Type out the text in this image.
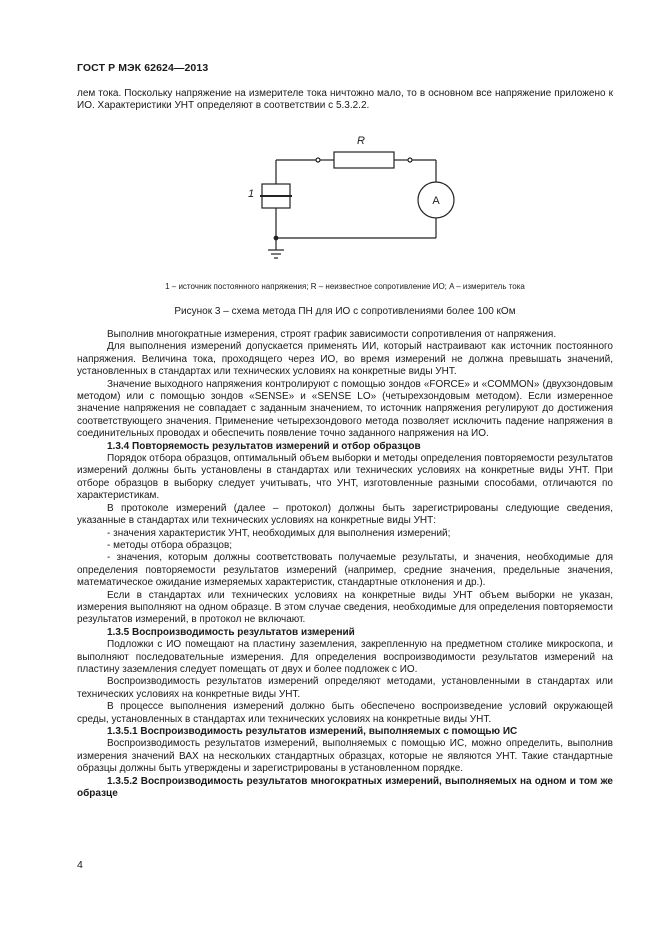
ГОСТ Р МЭК 62624—2013

лем тока. Поскольку напряжение на измерителе тока ничтожно мало, то в основном все напряжение приложено к ИО. Характеристики УНТ определяют в соответствии с 5.3.2.2.

R
1
A
1 – источник постоянного напряжения; R – неизвестное сопротивление ИО; A – измеритель тока
Рисунок 3 – схема метода ПН для ИО с сопротивлениями более 100 кОм

Выполнив многократные измерения, строят график зависимости сопротивления от напряжения.

Для выполнения измерений допускается применять ИИ, который настраивают как источник постоянного напряжения. Величина тока, проходящего через ИО, во время измерений не должна превышать значений, установленных в стандартах или технических условиях на конкретные виды УНТ.

Значение выходного напряжения контролируют с помощью зондов «FORCE» и «COMMON» (двухзондовым методом) или с помощью зондов «SENSE» и «SENSE LO» (четырехзондовым методом). Если измеренное значение напряжения не совпадает с заданным значением, то источник напряжения регулируют до достижения соответствующего значения. Применение четырехзондового метода позволяет исключить падение напряжения в соединительных проводах и обеспечить появление точно заданного напряжения на ИО.

1.3.4 Повторяемость результатов измерений и отбор образцов

Порядок отбора образцов, оптимальный объем выборки и методы определения повторяемости результатов измерений должны быть установлены в стандартах или технических условиях на конкретные виды УНТ. При отборе образцов в выборку следует учитывать, что УНТ, изготовленные разными способами, отличаются по характеристикам.

В протоколе измерений (далее – протокол) должны быть зарегистрированы следующие сведения, указанные в стандартах или технических условиях на конкретные виды УНТ:

- значения характеристик УНТ, необходимых для выполнения измерений;

- методы отбора образцов;

- значения, которым должны соответствовать получаемые результаты, и значения, необходимые для определения повторяемости результатов измерений (например, средние значения, предельные значения, математическое ожидание измеряемых характеристик, стандартные отклонения и др.).

Если в стандартах или технических условиях на конкретные виды УНТ объем выборки не указан, измерения выполняют на одном образце. В этом случае сведения, необходимые для определения повторяемости результатов измерений, в протокол не включают.

1.3.5 Воспроизводимость результатов измерений

Подложки с ИО помещают на пластину заземления, закрепленную на предметном столике микроскопа, и выполняют последовательные измерения. Для определения воспроизводимости результатов измерений на пластину заземления следует помещать от двух и более подложек с ИО.

Воспроизводимость результатов измерений определяют методами, установленными в стандартах или технических условиях на конкретные виды УНТ.

В процессе выполнения измерений должно быть обеспечено воспроизведение условий окружающей среды, установленных в стандартах или технических условиях на конкретные виды УНТ.

1.3.5.1 Воспроизводимость результатов измерений, выполняемых с помощью ИС

Воспроизводимость результатов измерений, выполняемых с помощью ИС, можно определить, выполнив измерения значений ВАХ на нескольких стандартных образцах, которые не являются УНТ. Такие стандартные образцы должны быть утверждены и зарегистрированы в установленном порядке.

1.3.5.2 Воспроизводимость результатов многократных измерений, выполняемых на одном и том же образце

4
